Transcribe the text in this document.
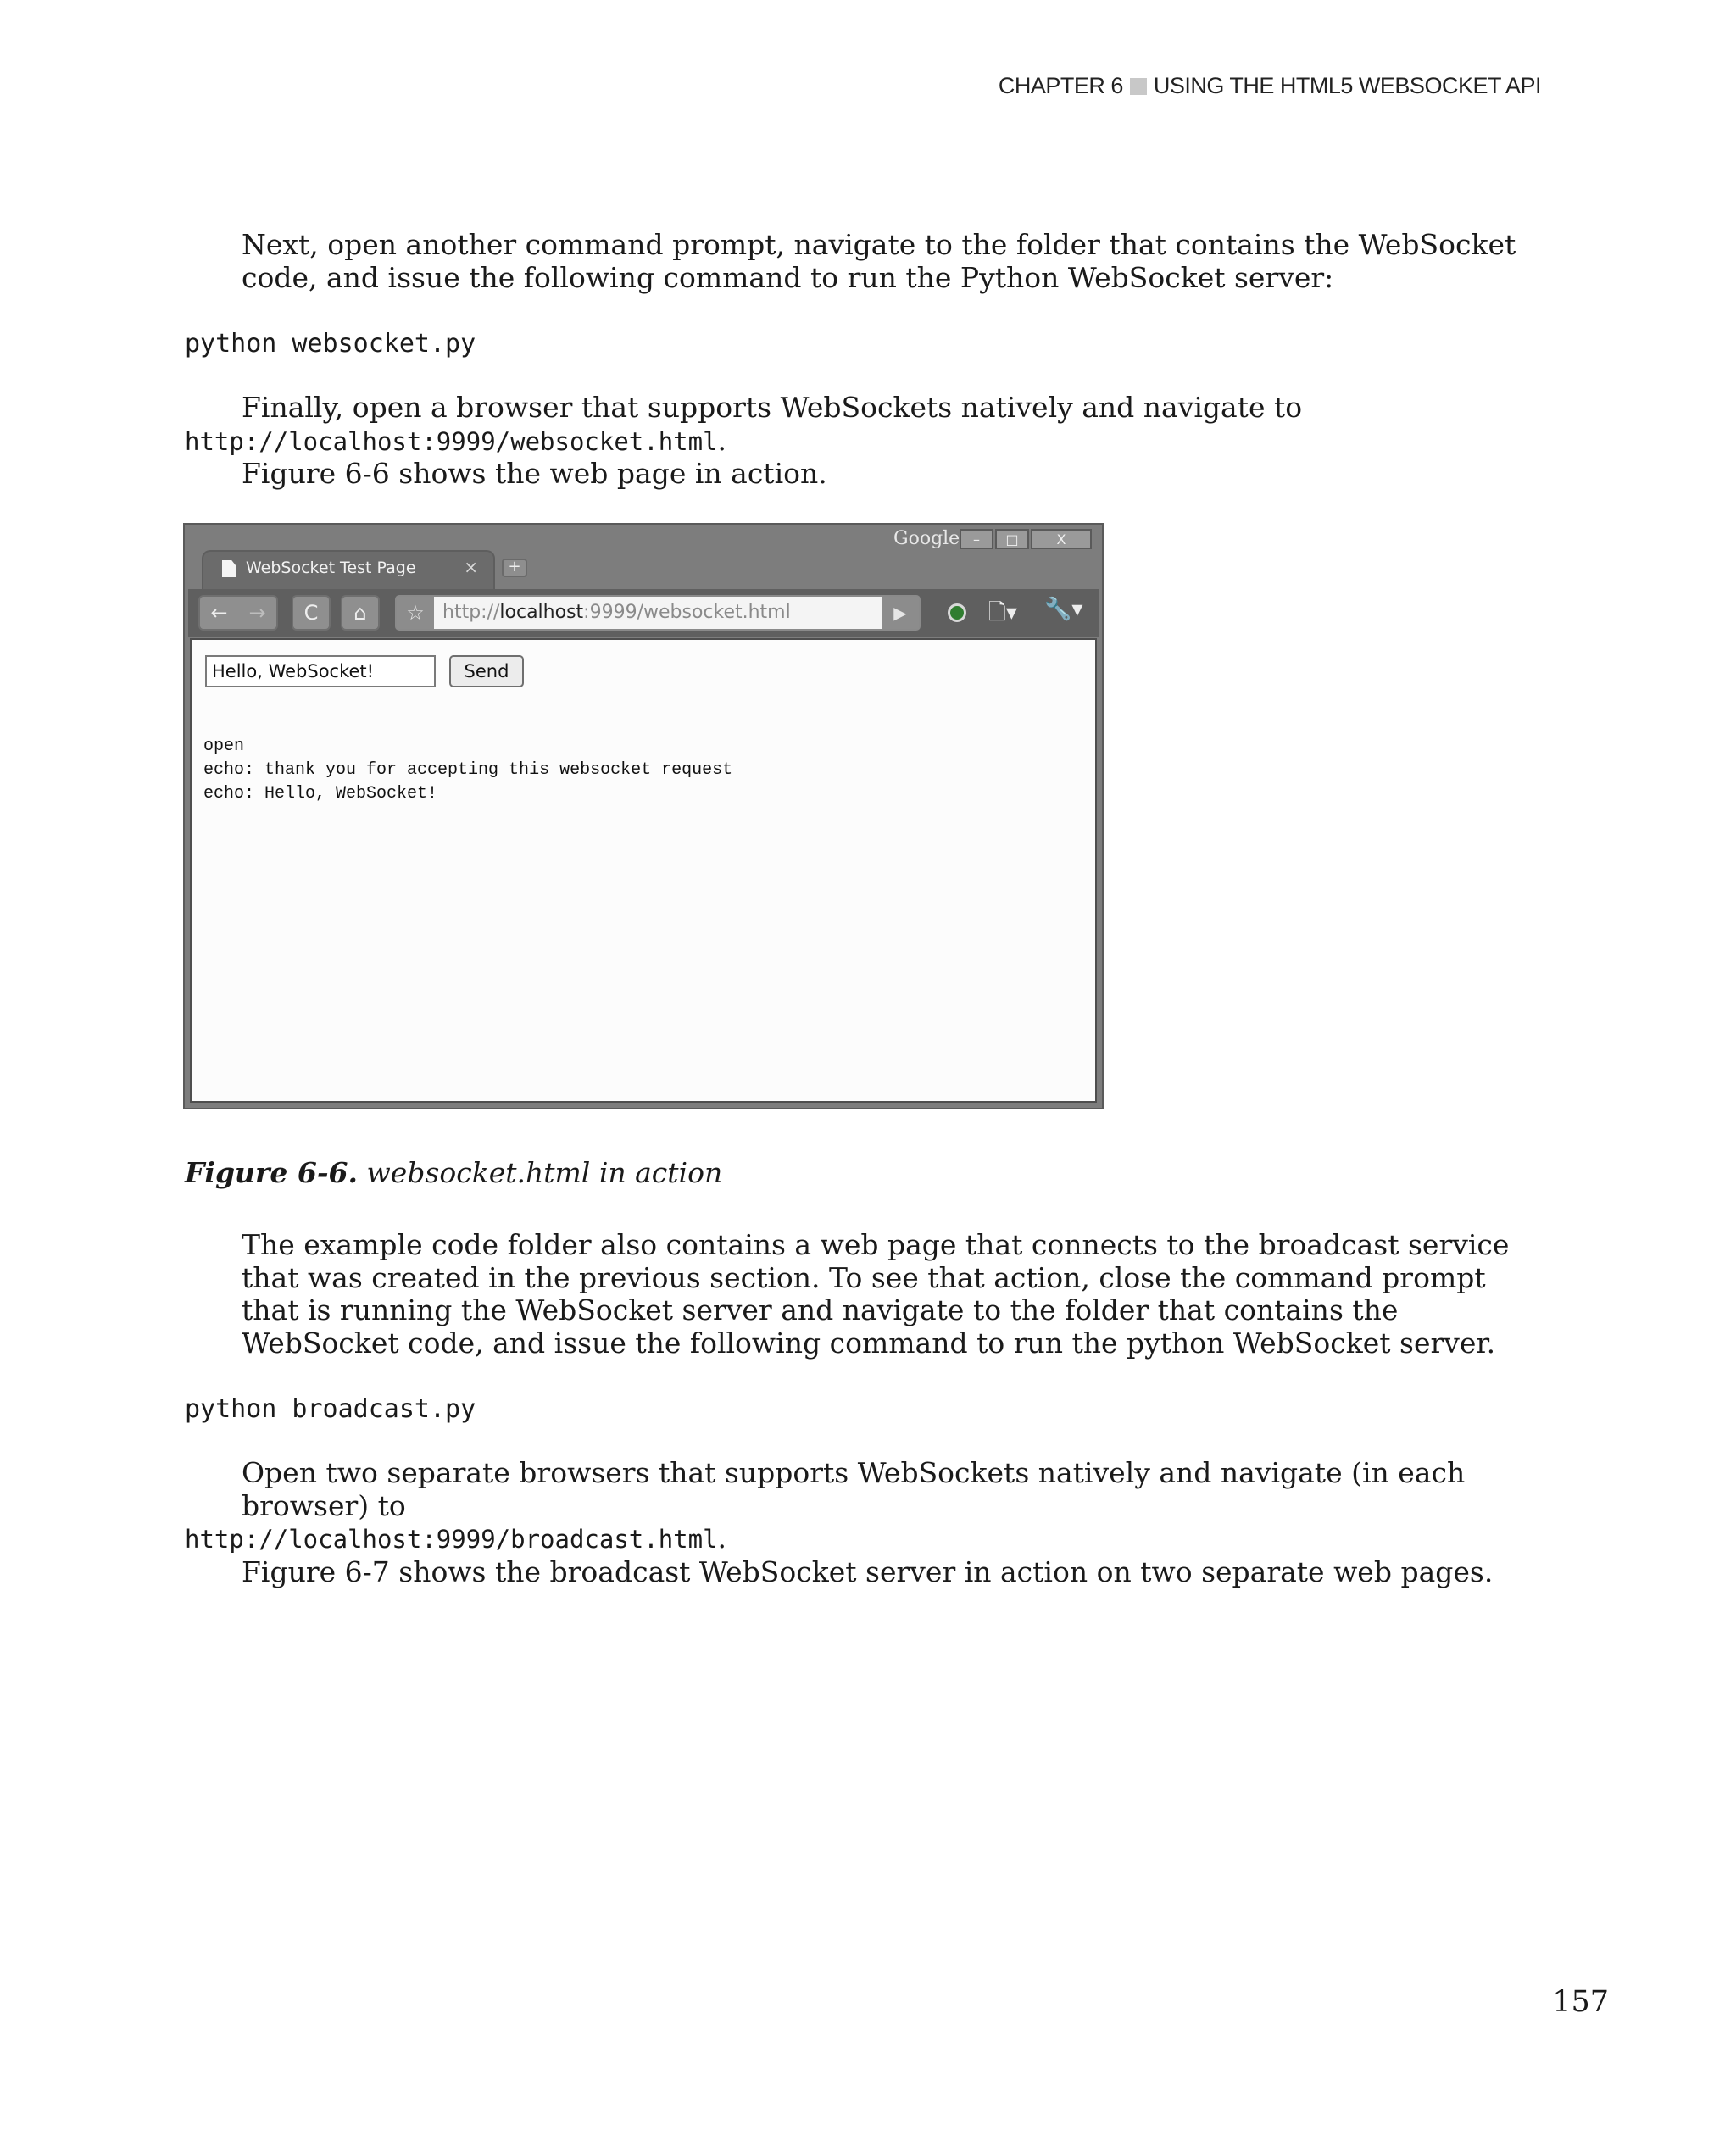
CHAPTER 6 USING THE HTML5 WEBSOCKET API
Next, open another command prompt, navigate to the folder that contains the WebSocket code, and issue the following command to run the Python WebSocket server:
python websocket.py
Finally, open a browser that supports WebSockets natively and navigate to
http://localhost:9999/websocket.html.
Figure 6-6 shows the web page in action.
Google –	□	X
WebSocket Test Page	×	+
← →	C	⌂	☆ http://localhost:9999/websocket.html	▶	🗋▾ 🔧▾
Hello, WebSocket!
Send
open
echo: thank you for accepting this websocket request
echo: Hello, WebSocket!
Figure 6-6. websocket.html in action
The example code folder also contains a web page that connects to the broadcast service that was created in the previous section. To see that action, close the command prompt that is running the WebSocket server and navigate to the folder that contains the WebSocket code, and issue the following command to run the python WebSocket server.
python broadcast.py
Open two separate browsers that supports WebSockets natively and navigate (in each browser) to
http://localhost:9999/broadcast.html.
Figure 6-7 shows the broadcast WebSocket server in action on two separate web pages.
157
